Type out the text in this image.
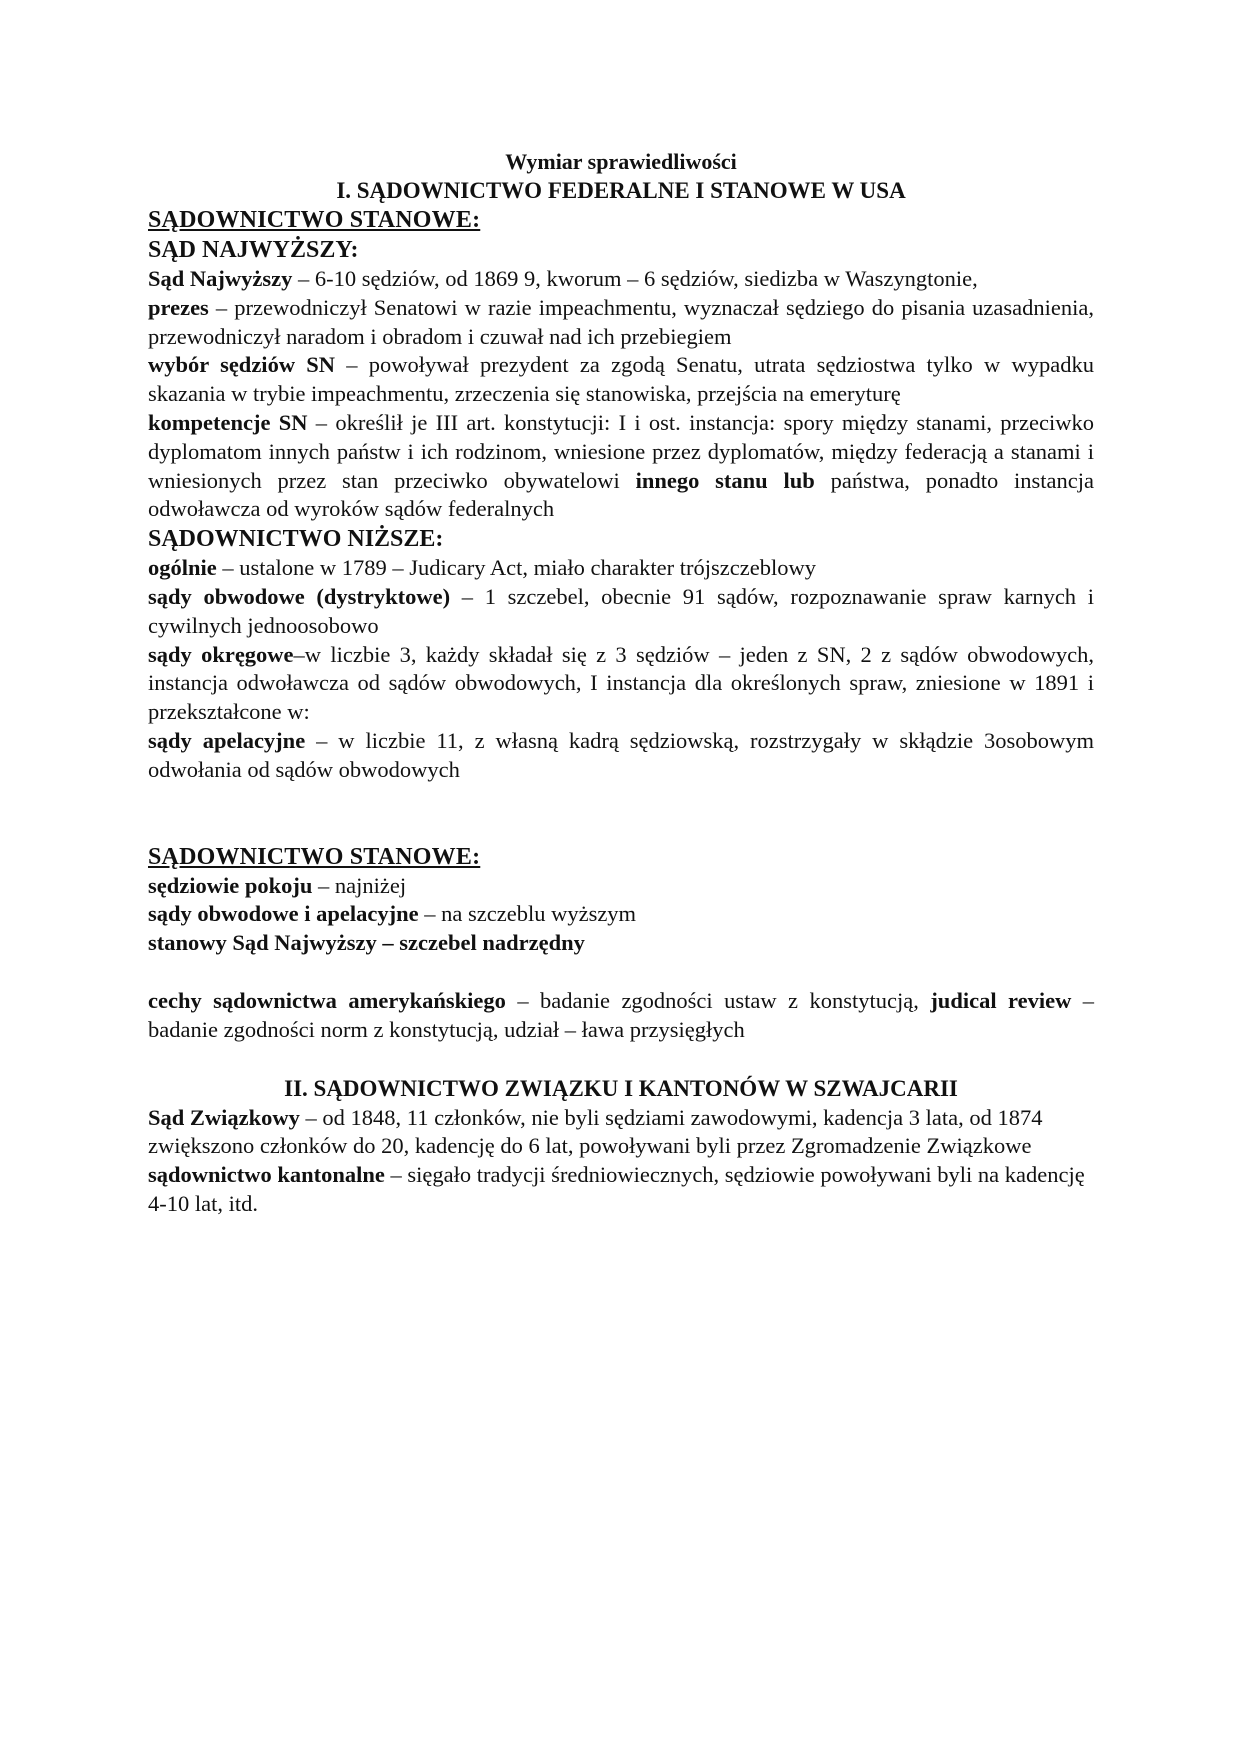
Wymiar sprawiedliwości

I. SĄDOWNICTWO FEDERALNE I STANOWE W USA

SĄDOWNICTWO STANOWE:

SĄD NAJWYŻSZY:

Sąd Najwyższy – 6-10 sędziów, od 1869 9, kworum – 6 sędziów, siedizba w Waszyngtonie,

prezes – przewodniczył Senatowi w razie impeachmentu, wyznaczał sędziego do pisania uzasadnienia, przewodniczył naradom i obradom i czuwał nad ich przebiegiem

wybór sędziów SN – powoływał prezydent za zgodą Senatu, utrata sędziostwa tylko w wypadku skazania w trybie impeachmentu, zrzeczenia się stanowiska, przejścia na emeryturę

kompetencje SN – określił je III art. konstytucji: I i ost. instancja: spory między stanami, przeciwko dyplomatom innych państw i ich rodzinom, wniesione przez dyplomatów, między federacją a stanami i wniesionych przez stan przeciwko obywatelowi innego stanu lub państwa, ponadto instancja odwoławcza od wyroków sądów federalnych

SĄDOWNICTWO NIŻSZE:

ogólnie – ustalone w 1789 – Judicary Act, miało charakter trójszczeblowy

sądy obwodowe (dystryktowe) – 1 szczebel, obecnie 91 sądów, rozpoznawanie spraw karnych i cywilnych jednoosobowo

sądy okręgowe–w liczbie 3, każdy składał się z 3 sędziów – jeden z SN, 2 z sądów obwodowych, instancja odwoławcza od sądów obwodowych, I instancja dla określonych spraw, zniesione w 1891 i przekształcone w:

sądy apelacyjne – w liczbie 11, z własną kadrą sędziowską, rozstrzygały w skłądzie 3osobowym odwołania od sądów obwodowych

SĄDOWNICTWO STANOWE:

sędziowie pokoju – najniżej

sądy obwodowe i apelacyjne – na szczeblu wyższym

stanowy Sąd Najwyższy – szczebel nadrzędny

cechy sądownictwa amerykańskiego – badanie zgodności ustaw z konstytucją, judical review – badanie zgodności norm z konstytucją, udział – ława przysięgłych

II. SĄDOWNICTWO ZWIĄZKU I KANTONÓW W SZWAJCARII

Sąd Związkowy – od 1848, 11 członków, nie byli sędziami zawodowymi, kadencja 3 lata, od 1874 zwiększono członków do 20, kadencję do 6 lat, powoływani byli przez Zgromadzenie Związkowe

sądownictwo kantonalne – sięgało tradycji średniowiecznych, sędziowie powoływani byli na kadencję 4-10 lat, itd.
